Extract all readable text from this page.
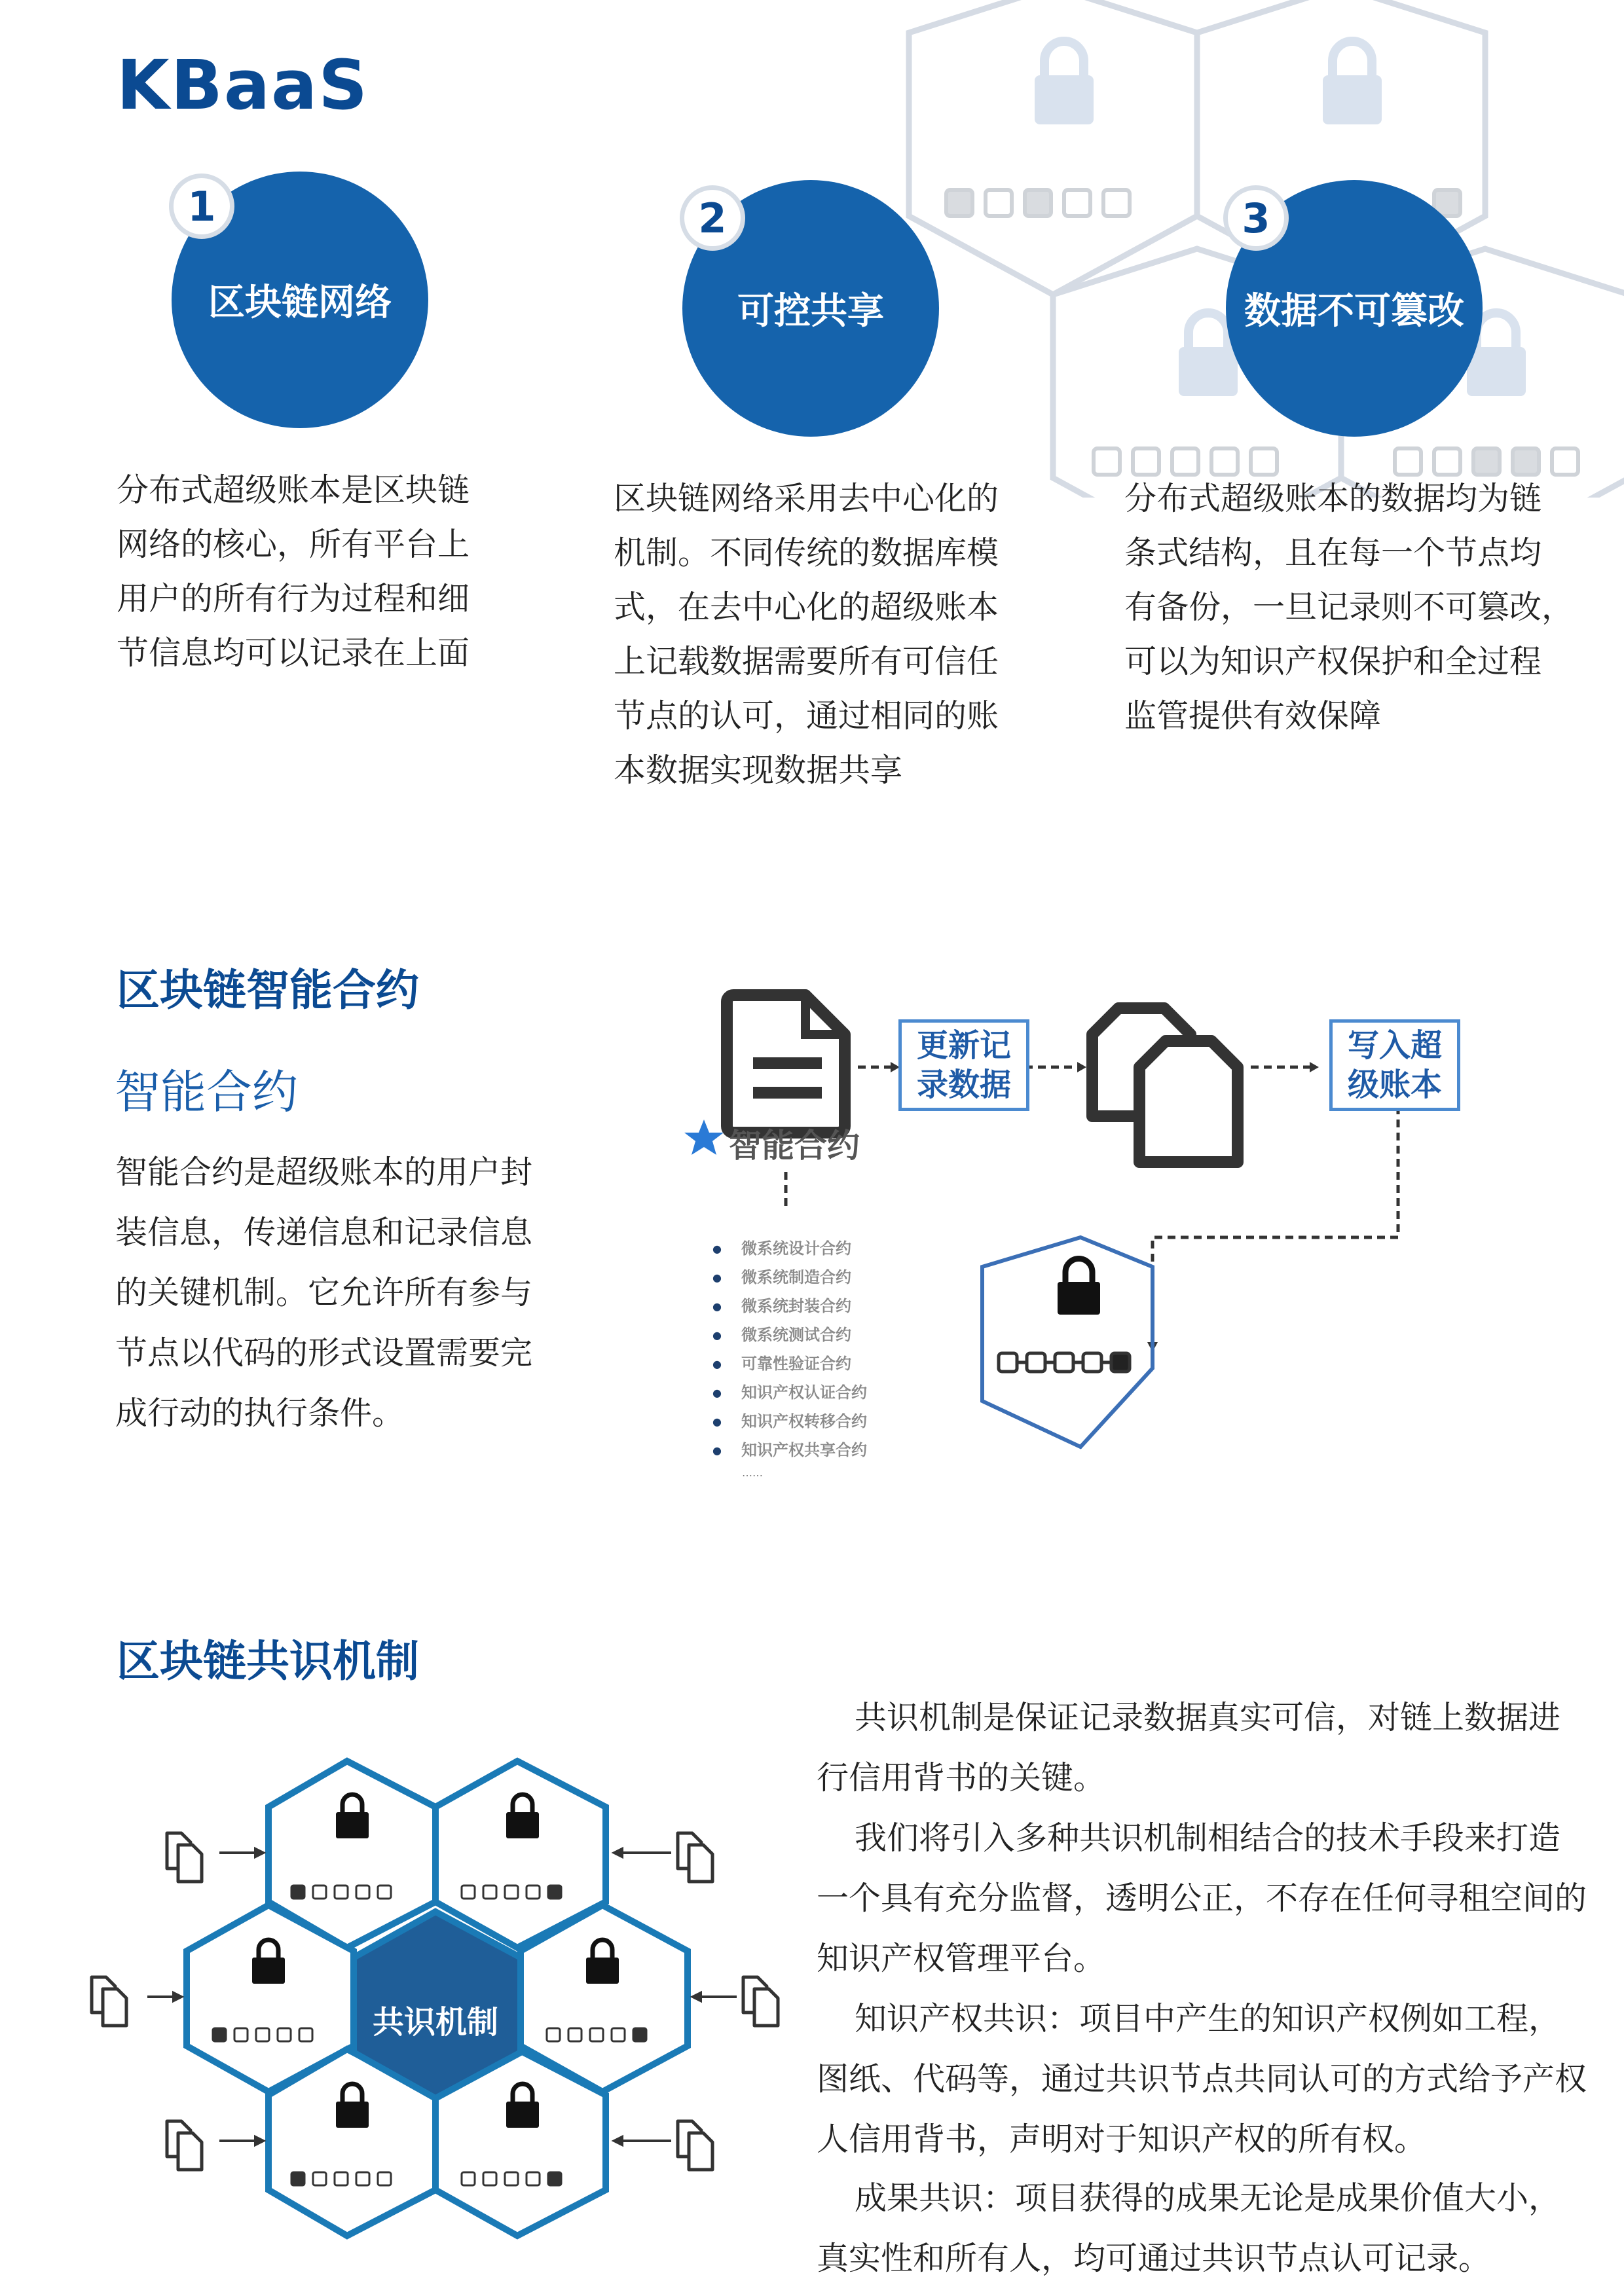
KBaaS
区块链网络
1
可控共享
2
数据不可篡改
3
分布式超级账本是区块链
网络的核心，所有平台上
用户的所有行为过程和细
节信息均可以记录在上面
区块链网络采用去中心化的
机制。不同传统的数据库模
式，在去中心化的超级账本
上记载数据需要所有可信任
节点的认可，通过相同的账
本数据实现数据共享
分布式超级账本的数据均为链
条式结构，且在每一个节点均
有备份，一旦记录则不可篡改，
可以为知识产权保护和全过程
监管提供有效保障
区块链智能合约
智能合约
智能合约是超级账本的用户封
装信息，传递信息和记录信息
的关键机制。它允许所有参与
节点以代码的形式设置需要完
成行动的执行条件。
更新记
录数据
写入超
级账本
智能合约
● 微系统设计合约
● 微系统制造合约
● 微系统封装合约
● 微系统测试合约
● 可靠性验证合约
● 知识产权认证合约
● 知识产权转移合约
● 知识产权共享合约
……
区块链共识机制
共识机制

共识机制是保证记录数据真实可信，对链上数据进行信用背书的关键。

我们将引入多种共识机制相结合的技术手段来打造一个具有充分监督，透明公正，不存在任何寻租空间的知识产权管理平台。

知识产权共识：项目中产生的知识产权例如工程，图纸、代码等，通过共识节点共同认可的方式给予产权人信用背书，声明对于知识产权的所有权。

成果共识：项目获得的成果无论是成果价值大小，真实性和所有人，均可通过共识节点认可记录。
